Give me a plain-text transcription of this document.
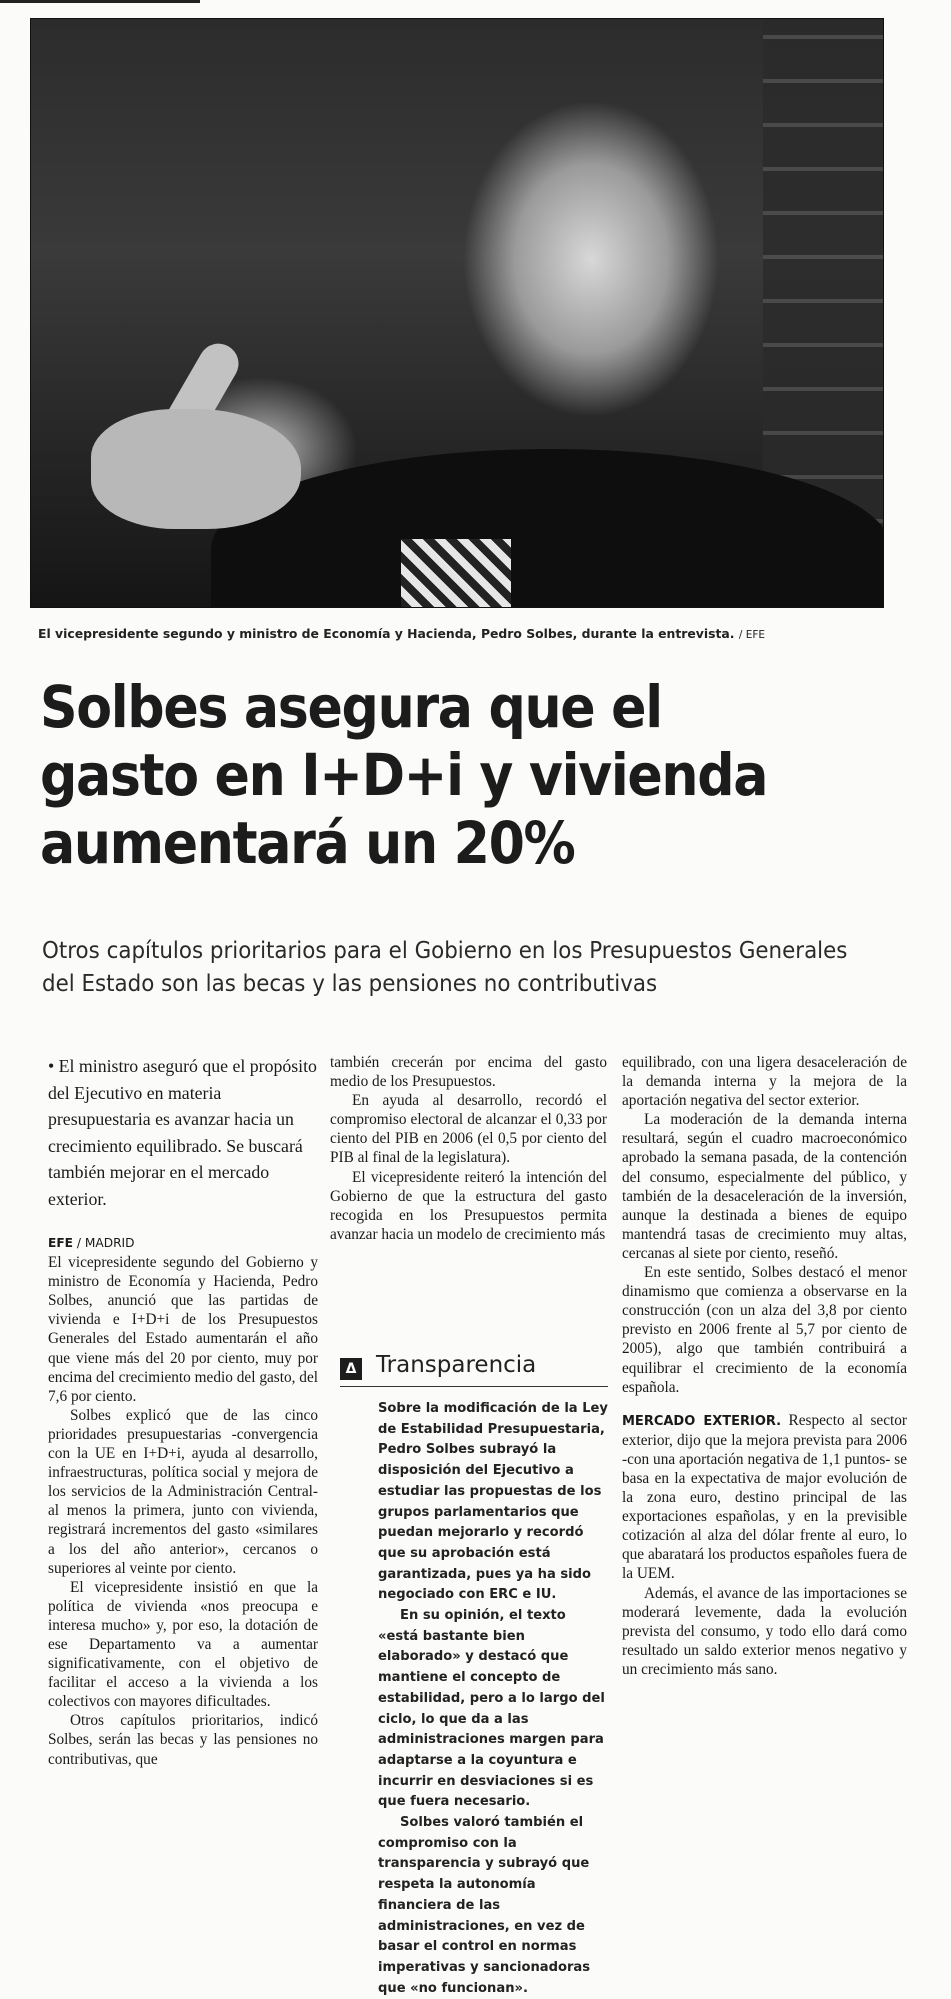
El vicepresidente segundo y ministro de Economía y Hacienda, Pedro Solbes, durante la entrevista. / EFE
Solbes asegura que el gasto en I+D+i y vivienda aumentará un 20%
Otros capítulos prioritarios para el Gobierno en los Presupuestos Generales del Estado son las becas y las pensiones no contributivas
• El ministro aseguró que el propósito del Ejecutivo en materia presupuestaria es avanzar hacia un crecimiento equilibrado. Se buscará también mejorar en el mercado exterior.
EFE / MADRID

El vicepresidente segundo del Gobierno y ministro de Economía y Hacienda, Pedro Solbes, anunció que las partidas de vivienda e I+D+i de los Presupuestos Generales del Estado aumentarán el año que viene más del 20 por ciento, muy por encima del crecimiento medio del gasto, del 7,6 por ciento.

Solbes explicó que de las cinco prioridades presupuestarias -convergencia con la UE en I+D+i, ayuda al desarrollo, infraestructuras, política social y mejora de los servicios de la Administración Central- al menos la primera, junto con vivienda, registrará incrementos del gasto «similares a los del año anterior», cercanos o superiores al veinte por ciento.

El vicepresidente insistió en que la política de vivienda «nos preocupa e interesa mucho» y, por eso, la dotación de ese Departamento va a aumentar significativamente, con el objetivo de facilitar el acceso a la vivienda a los colectivos con mayores dificultades.

Otros capítulos prioritarios, indicó Solbes, serán las becas y las pensiones no contributivas, que

también crecerán por encima del gasto medio de los Presupuestos.

En ayuda al desarrollo, recordó el compromiso electoral de alcanzar el 0,33 por ciento del PIB en 2006 (el 0,5 por ciento del PIB al final de la legislatura).

El vicepresidente reiteró la intención del Gobierno de que la estructura del gasto recogida en los Presupuestos permita avanzar hacia un modelo de crecimiento más

Δ Transparencia

Sobre la modificación de la Ley de Estabilidad Presupuestaria, Pedro Solbes subrayó la disposición del Ejecutivo a estudiar las propuestas de los grupos parlamentarios que puedan mejorarlo y recordó que su aprobación está garantizada, pues ya ha sido negociado con ERC e IU.

En su opinión, el texto «está bastante bien elaborado» y destacó que mantiene el concepto de estabilidad, pero a lo largo del ciclo, lo que da a las administraciones margen para adaptarse a la coyuntura e incurrir en desviaciones si es que fuera necesario.

Solbes valoró también el compromiso con la transparencia y subrayó que respeta la autonomía financiera de las administraciones, en vez de basar el control en normas imperativas y sancionadoras que «no funcionan».

equilibrado, con una ligera desaceleración de la demanda interna y la mejora de la aportación negativa del sector exterior.

La moderación de la demanda interna resultará, según el cuadro macroeconómico aprobado la semana pasada, de la contención del consumo, especialmente del público, y también de la desaceleración de la inversión, aunque la destinada a bienes de equipo mantendrá tasas de crecimiento muy altas, cercanas al siete por ciento, reseñó.

En este sentido, Solbes destacó el menor dinamismo que comienza a observarse en la construcción (con un alza del 3,8 por ciento previsto en 2006 frente al 5,7 por ciento de 2005), algo que también contribuirá a equilibrar el crecimiento de la economía española.

MERCADO EXTERIOR. Respecto al sector exterior, dijo que la mejora prevista para 2006 -con una aportación negativa de 1,1 puntos- se basa en la expectativa de major evolución de la zona euro, destino principal de las exportaciones españolas, y en la previsible cotización al alza del dólar frente al euro, lo que abaratará los productos españoles fuera de la UEM.

Además, el avance de las importaciones se moderará levemente, dada la evolución prevista del consumo, y todo ello dará como resultado un saldo exterior menos negativo y un crecimiento más sano.
